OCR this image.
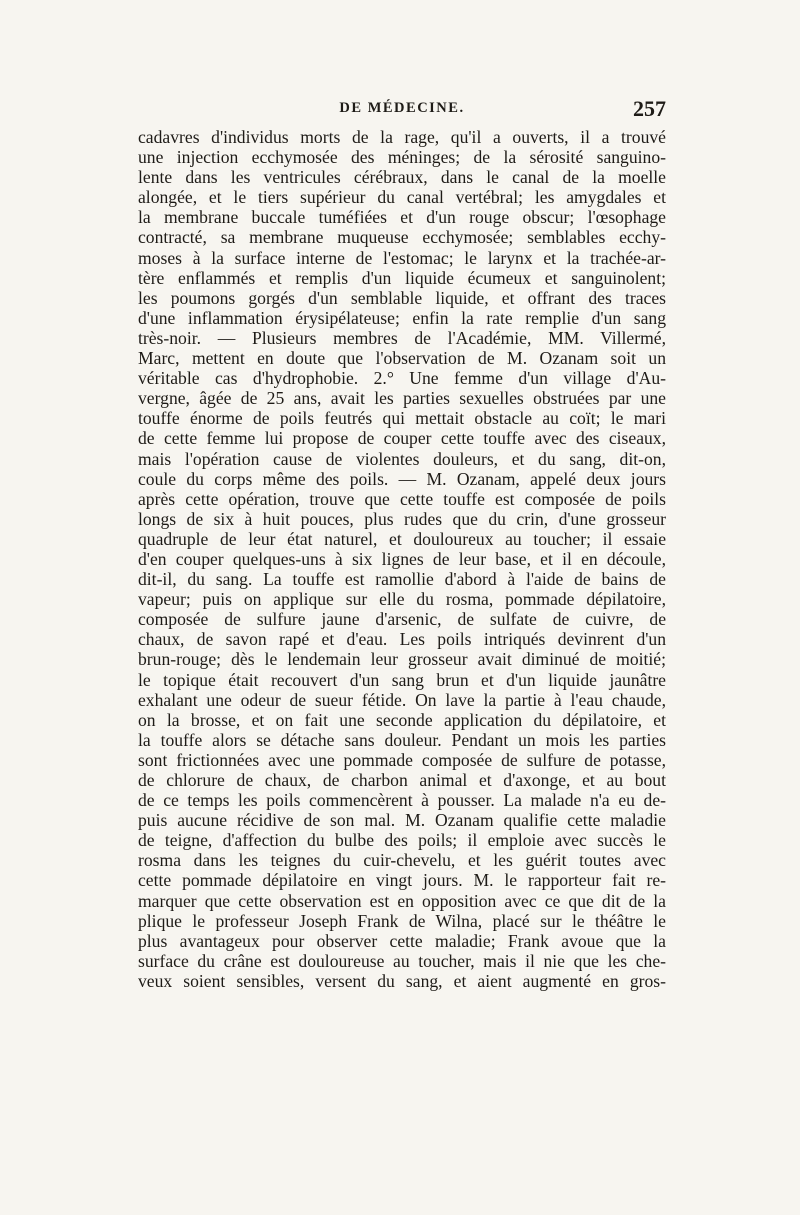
DE MÉDECINE.	257
cadavres d'individus morts de la rage, qu'il a ouverts, il a trouvé
une injection ecchymosée des méninges; de la sérosité sanguino-
lente dans les ventricules cérébraux, dans le canal de la moelle
alongée, et le tiers supérieur du canal vertébral; les amygdales et
la membrane buccale tuméfiées et d'un rouge obscur; l'œsophage
contracté, sa membrane muqueuse ecchymosée; semblables ecchy-
moses à la surface interne de l'estomac; le larynx et la trachée-ar-
tère enflammés et remplis d'un liquide écumeux et sanguinolent;
les poumons gorgés d'un semblable liquide, et offrant des traces
d'une inflammation érysipélateuse; enfin la rate remplie d'un sang
très-noir. — Plusieurs membres de l'Académie, MM. Villermé,
Marc, mettent en doute que l'observation de M. Ozanam soit un
véritable cas d'hydrophobie. 2.° Une femme d'un village d'Au-
vergne, âgée de 25 ans, avait les parties sexuelles obstruées par une
touffe énorme de poils feutrés qui mettait obstacle au coït; le mari
de cette femme lui propose de couper cette touffe avec des ciseaux,
mais l'opération cause de violentes douleurs, et du sang, dit-on,
coule du corps même des poils. — M. Ozanam, appelé deux jours
après cette opération, trouve que cette touffe est composée de poils
longs de six à huit pouces, plus rudes que du crin, d'une grosseur
quadruple de leur état naturel, et douloureux au toucher; il essaie
d'en couper quelques-uns à six lignes de leur base, et il en découle,
dit-il, du sang. La touffe est ramollie d'abord à l'aide de bains de
vapeur; puis on applique sur elle du rosma, pommade dépilatoire,
composée de sulfure jaune d'arsenic, de sulfate de cuivre, de
chaux, de savon rapé et d'eau. Les poils intriqués devinrent d'un
brun-rouge; dès le lendemain leur grosseur avait diminué de moitié;
le topique était recouvert d'un sang brun et d'un liquide jaunâtre
exhalant une odeur de sueur fétide. On lave la partie à l'eau chaude,
on la brosse, et on fait une seconde application du dépilatoire, et
la touffe alors se détache sans douleur. Pendant un mois les parties
sont frictionnées avec une pommade composée de sulfure de potasse,
de chlorure de chaux, de charbon animal et d'axonge, et au bout
de ce temps les poils commencèrent à pousser. La malade n'a eu de-
puis aucune récidive de son mal. M. Ozanam qualifie cette maladie
de teigne, d'affection du bulbe des poils; il emploie avec succès le
rosma dans les teignes du cuir-chevelu, et les guérit toutes avec
cette pommade dépilatoire en vingt jours. M. le rapporteur fait re-
marquer que cette observation est en opposition avec ce que dit de la
plique le professeur Joseph Frank de Wilna, placé sur le théâtre le
plus avantageux pour observer cette maladie; Frank avoue que la
surface du crâne est douloureuse au toucher, mais il nie que les che-
veux soient sensibles, versent du sang, et aient augmenté en gros-
